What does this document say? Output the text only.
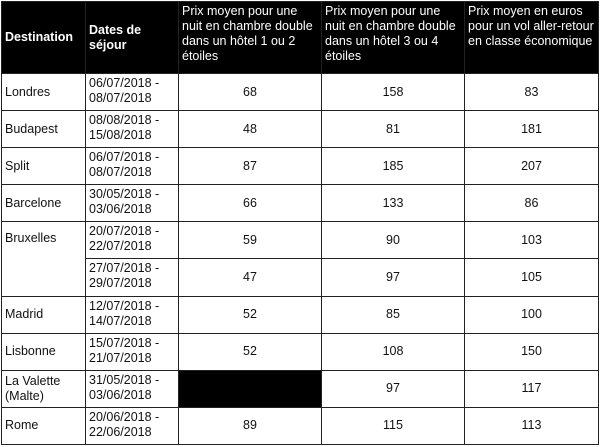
Destination	Dates de séjour	Prix moyen pour une nuit en chambre double dans un hôtel 1 ou 2 étoiles	Prix moyen pour une nuit en chambre double dans un hôtel 3 ou 4 étoiles	Prix moyen en euros pour un vol aller-retour en classe économique
Londres	06/07/2018 - 08/07/2018	68	158	83
Budapest	08/08/2018 - 15/08/2018	48	81	181
Split	06/07/2018 - 08/07/2018	87	185	207
Barcelone	30/05/2018 - 03/06/2018	66	133	86
Bruxelles	20/07/2018 - 22/07/2018	59	90	103
	27/07/2018 - 29/07/2018	47	97	105
Madrid	12/07/2018 - 14/07/2018	52	85	100
Lisbonne	15/07/2018 - 21/07/2018	52	108	150
La Valette (Malte)	31/05/2018 - 03/06/2018		97	117
Rome	20/06/2018 - 22/06/2018	89	115	113
